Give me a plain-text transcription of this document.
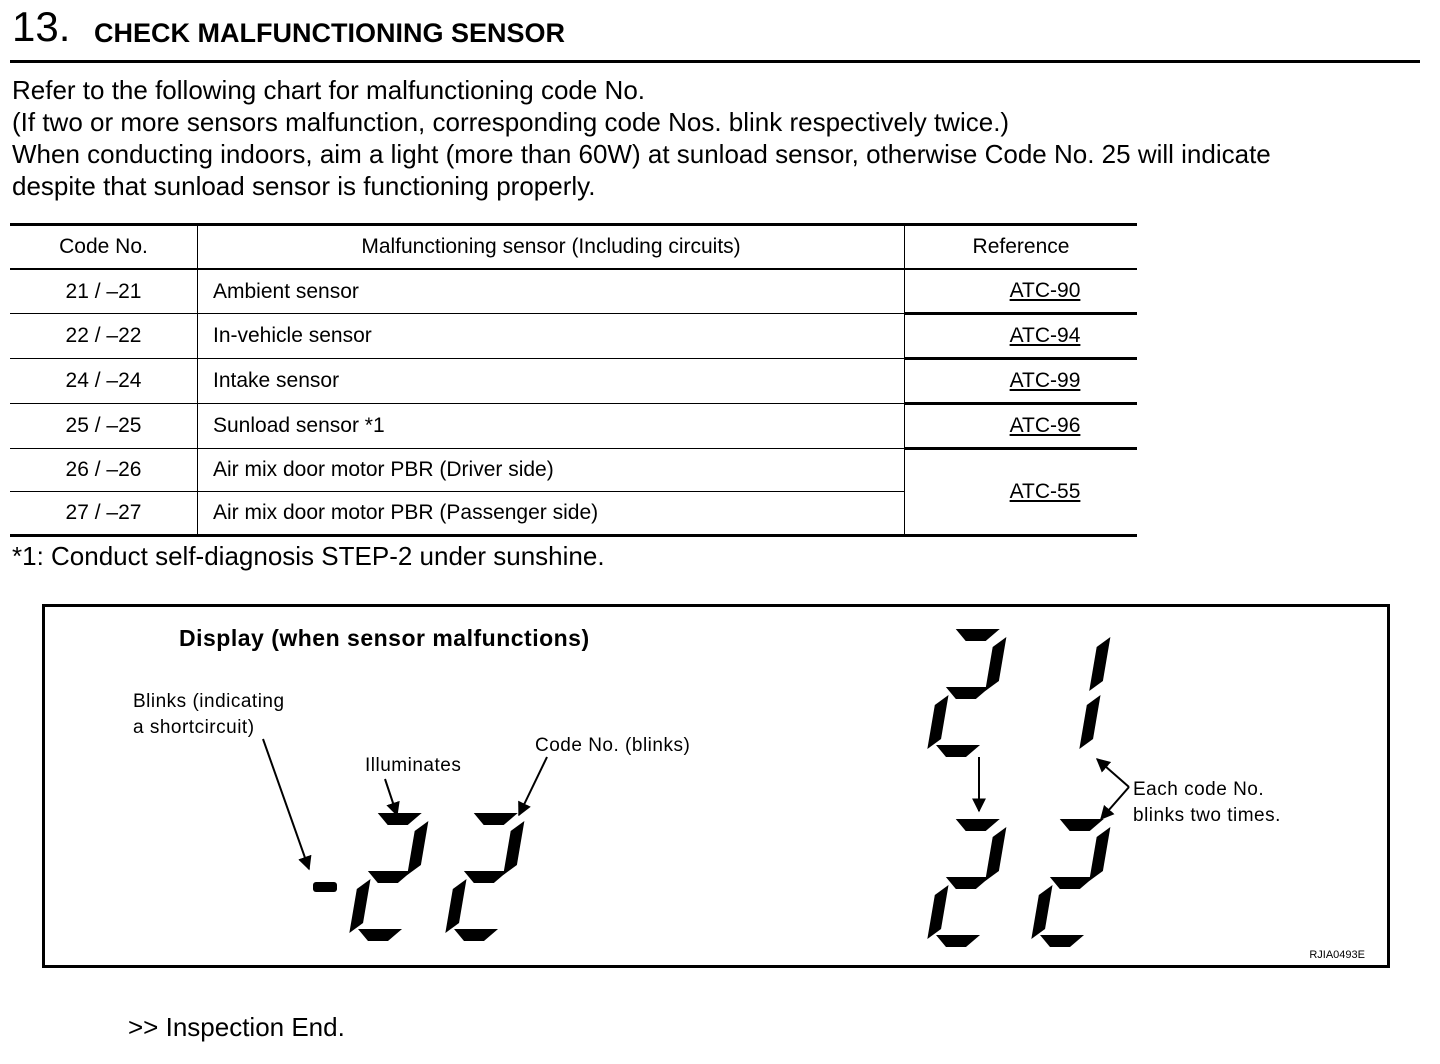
13. CHECK MALFUNCTIONING SENSOR
Refer to the following chart for malfunctioning code No.
(If two or more sensors malfunction, corresponding code Nos. blink respectively twice.)
When conducting indoors, aim a light (more than 60W) at sunload sensor, otherwise Code No. 25 will indicate
despite that sunload sensor is functioning properly.
Code No.	Malfunctioning sensor (Including circuits)	Reference
21 / –21	Ambient sensor	ATC-90
22 / –22	In-vehicle sensor	ATC-94
24 / –24	Intake sensor	ATC-99
25 / –25	Sunload sensor *1	ATC-96
26 / –26	Air mix door motor PBR (Driver side)	ATC-55
27 / –27	Air mix door motor PBR (Passenger side)	
*1: Conduct self-diagnosis STEP-2 under sunshine.
Display (when sensor malfunctions)
Blinks (indicating
a shortcircuit)
Illuminates
Code No. (blinks)
Each code No.
blinks two times.
RJIA0493E
>> Inspection End.
